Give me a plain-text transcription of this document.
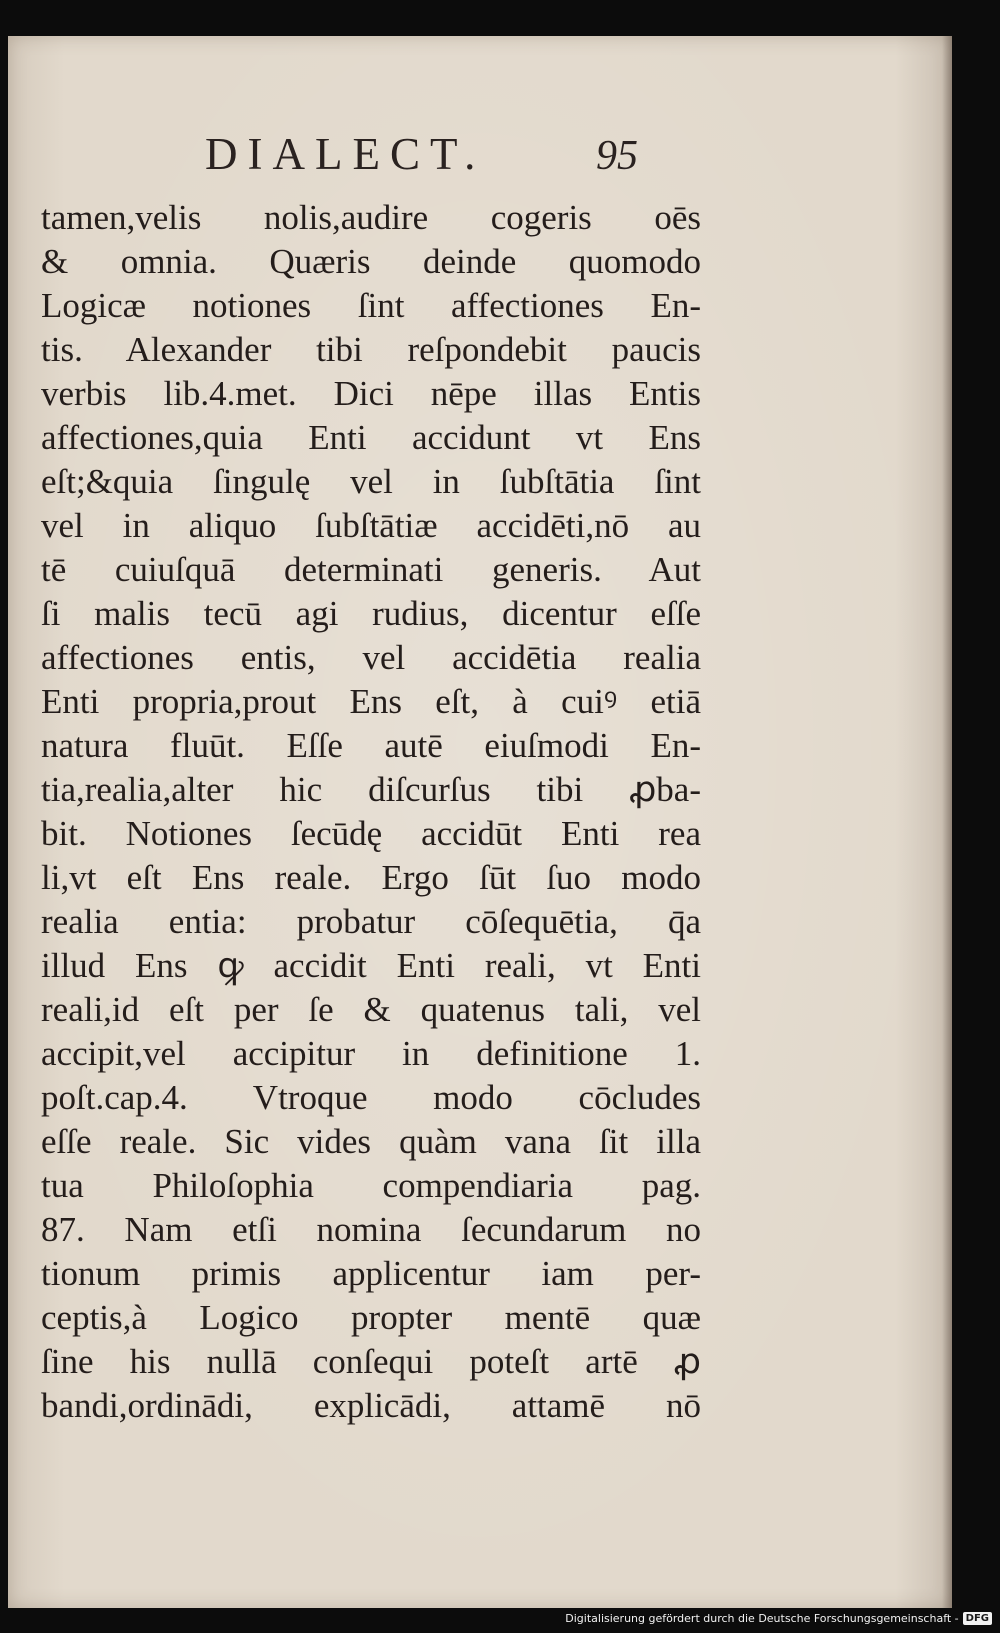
DIALECT.	95
tamen,velis nolis,audire cogeris oēs
& omnia. Quæris deinde quomodo
Logicæ notiones ſint affectiones En-
tis. Alexander tibi reſpondebit paucis
verbis lib.4.met. Dici nēpe illas Entis
affectiones,quia Enti accidunt vt Ens
eſt;&quia ſingulę vel in ſubſtātia ſint
vel in aliquo ſubſtātiæ accidēti,nō au
tē cuiuſquā determinati generis. Aut
ſi malis tecū agi rudius, dicentur eſſe
affectiones entis, vel accidētia realia
Enti propria,prout Ens eſt, à cuiꝰ etiā
natura fluūt. Eſſe autē eiuſmodi En-
tia,realia,alter hic diſcurſus tibi ꝓba-
bit. Notiones ſecūdę accidūt Enti rea
li,vt eſt Ens reale. Ergo ſūt ſuo modo
realia entia: probatur cōſequētia, q̄a
illud Ens ꝙ accidit Enti reali, vt Enti
reali,id eſt per ſe & quatenus tali, vel
accipit,vel accipitur in definitione 1.
poſt.cap.4. Vtroque modo cōcludes
eſſe reale. Sic vides quàm vana ſit illa
tua Philoſophia compendiaria pag.
87. Nam etſi nomina ſecundarum no
tionum primis applicentur iam per-
ceptis,à Logico propter mentē quæ
ſine his nullā conſequi poteſt artē ꝓ
bandi,ordinādi, explicādi, attamē nō
Digitalisierung gefördert durch die Deutsche Forschungsgemeinschaft - DFG
